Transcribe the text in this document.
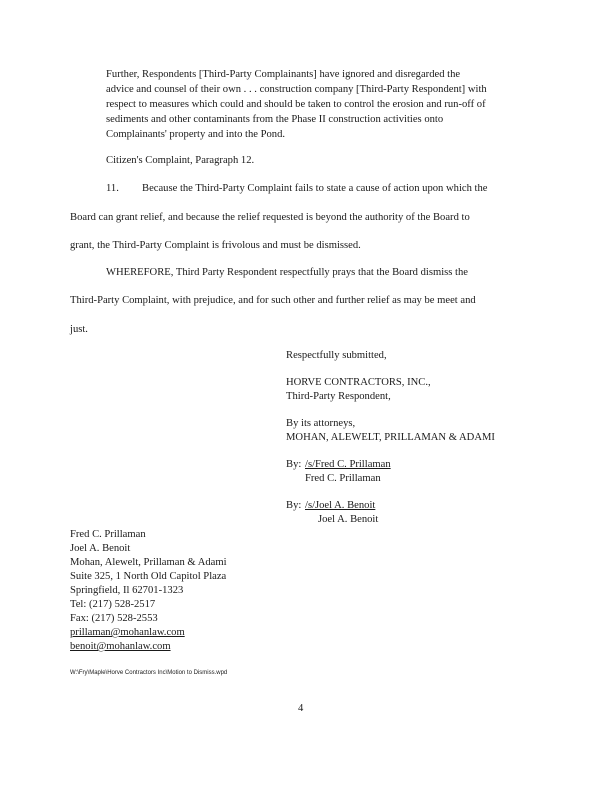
Further, Respondents [Third-Party Complainants] have ignored and disregarded the
advice and counsel of their own . . . construction company [Third-Party Respondent] with
respect to measures which could and should be taken to control the erosion and run-off of
sediments and other contaminants from the Phase II construction activities onto
Complainants' property and into the Pond.
Citizen's Complaint, Paragraph 12.
11. Because the Third-Party Complaint fails to state a cause of action upon which the
Board can grant relief, and because the relief requested is beyond the authority of the Board to
grant, the Third-Party Complaint is frivolous and must be dismissed.
WHEREFORE, Third Party Respondent respectfully prays that the Board dismiss the
Third-Party Complaint, with prejudice, and for such other and further relief as may be meet and
just.
Respectfully submitted,
HORVE CONTRACTORS, INC.,
Third-Party Respondent,
By its attorneys,
MOHAN, ALEWELT, PRILLAMAN & ADAMI
By: /s/Fred C. Prillaman
Fred C. Prillaman
By: /s/Joel A. Benoit
Joel A. Benoit
Fred C. Prillaman
Joel A. Benoit
Mohan, Alewelt, Prillaman & Adami
Suite 325, 1 North Old Capitol Plaza
Springfield, Il 62701-1323
Tel: (217) 528-2517
Fax: (217) 528-2553
prillaman@mohanlaw.com
benoit@mohanlaw.com
W:\Fry\Maple\Horve Contractors Inc\Motion to Dismiss.wpd
4
